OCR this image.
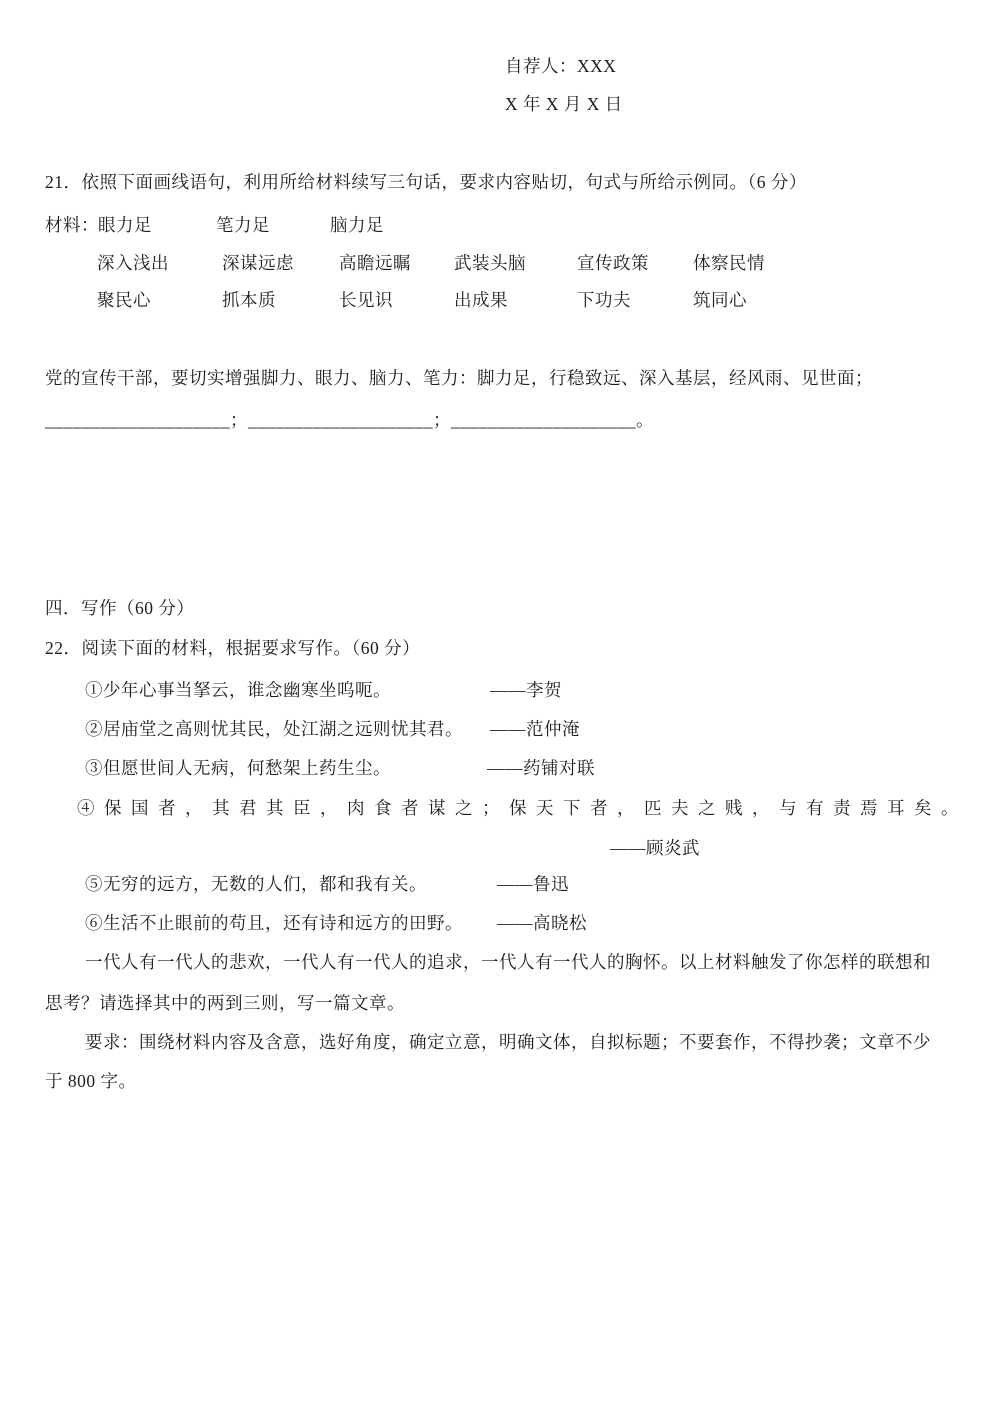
自荐人：XXX
X 年 X 月 X 日
21．依照下面画线语句，利用所给材料续写三句话，要求内容贴切，句式与所给示例同。（6 分）
材料： 眼力足	笔力足	脑力足
深入浅出	深谋远虑	高瞻远瞩 武装头脑	宣传政策	体察民情
聚民心	抓本质	长见识	出成果	下功夫	筑同心
党的宣传干部，要切实增强脚力、眼力、脑力、笔力：脚力足，行稳致远、深入基层，经风雨、见世面；
____________________；____________________；____________________。
四．写作（60 分）
22．阅读下面的材料，根据要求写作。（60 分）
①少年心事当拏云，谁念幽寒坐呜呃。	——李贺
②居庙堂之高则忧其民，处江湖之远则忧其君。 ——范仲淹
③但愿世间人无病，何愁架上药生尘。	——药铺对联
④保国者，其君其臣，肉食者谋之；保天下者，匹夫之贱，与有责焉耳矣。
——顾炎武
⑤无穷的远方，无数的人们，都和我有关。	——鲁迅
⑥生活不止眼前的苟且，还有诗和远方的田野。 ——高晓松
一代人有一代人的悲欢，一代人有一代人的追求，一代人有一代人的胸怀。以上材料触发了你怎样的联想和
思考？请选择其中的两到三则，写一篇文章。
要求：围绕材料内容及含意，选好角度，确定立意，明确文体，自拟标题；不要套作，不得抄袭；文章不少
于 800 字。
